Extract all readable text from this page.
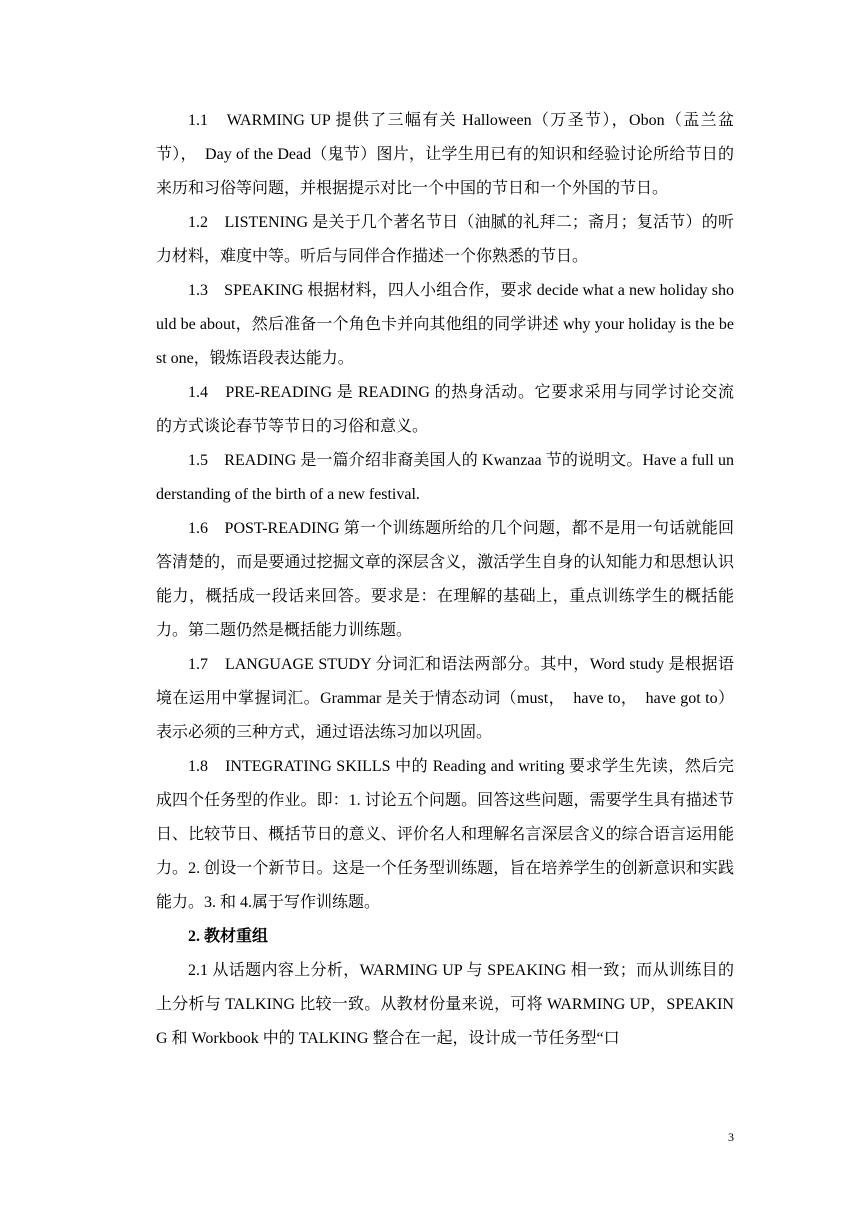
1.1　WARMING UP 提供了三幅有关 Halloween（万圣节），Obon（盂兰盆节），　Day of the Dead（鬼节）图片，让学生用已有的知识和经验讨论所给节日的来历和习俗等问题，并根据提示对比一个中国的节日和一个外国的节日。

1.2　LISTENING 是关于几个著名节日（油腻的礼拜二；斋月；复活节）的听力材料，难度中等。听后与同伴合作描述一个你熟悉的节日。

1.3　SPEAKING 根据材料，四人小组合作，要求 decide what a new holiday should be about，然后准备一个角色卡并向其他组的同学讲述 why your holiday is the best one，锻炼语段表达能力。

1.4　PRE-READING 是 READING 的热身活动。它要求采用与同学讨论交流的方式谈论春节等节日的习俗和意义。

1.5　READING 是一篇介绍非裔美国人的 Kwanzaa 节的说明文。Have a full understanding of the birth of a new festival.

1.6　POST-READING 第一个训练题所给的几个问题，都不是用一句话就能回答清楚的，而是要通过挖掘文章的深层含义，激活学生自身的认知能力和思想认识能力，概括成一段话来回答。要求是：在理解的基础上，重点训练学生的概括能力。第二题仍然是概括能力训练题。

1.7　LANGUAGE STUDY 分词汇和语法两部分。其中，Word study 是根据语境在运用中掌握词汇。Grammar 是关于情态动词（must，　have to，　have got to）表示必须的三种方式，通过语法练习加以巩固。

1.8　INTEGRATING SKILLS 中的 Reading and writing 要求学生先读，然后完成四个任务型的作业。即：1. 讨论五个问题。回答这些问题，需要学生具有描述节日、比较节日、概括节日的意义、评价名人和理解名言深层含义的综合语言运用能力。2. 创设一个新节日。这是一个任务型训练题，旨在培养学生的创新意识和实践能力。3. 和 4.属于写作训练题。

2. 教材重组

2.1 从话题内容上分析，WARMING UP 与 SPEAKING 相一致；而从训练目的上分析与 TALKING 比较一致。从教材份量来说，可将 WARMING UP，SPEAKING 和 Workbook 中的 TALKING 整合在一起，设计成一节任务型“口

3
